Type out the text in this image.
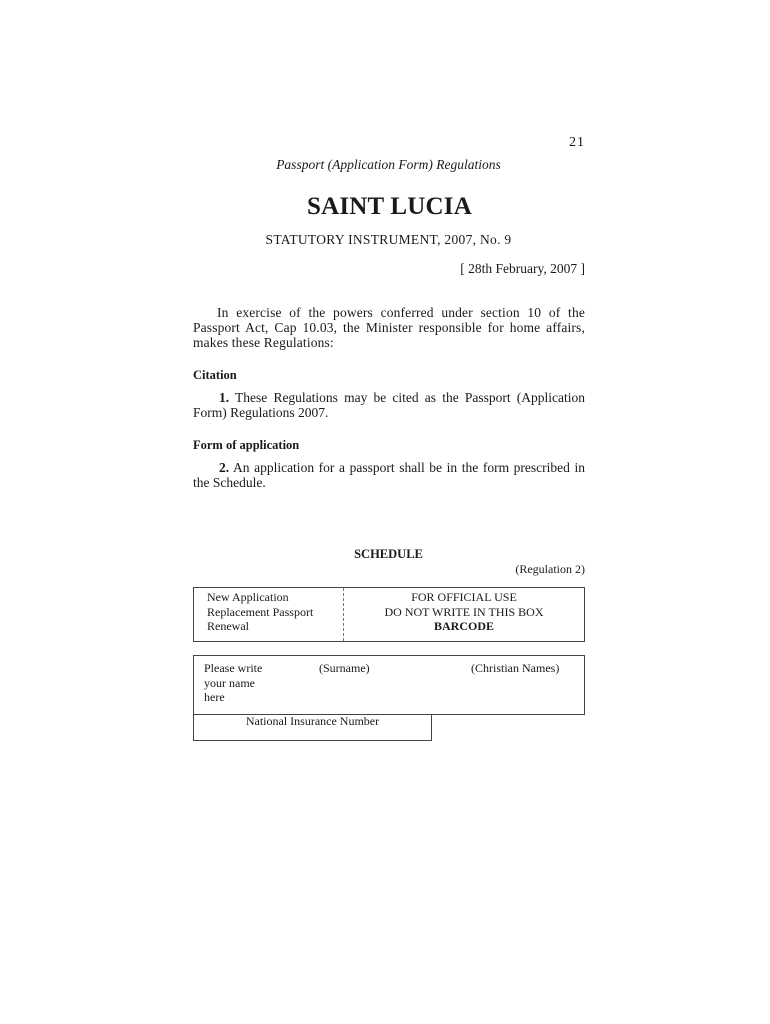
21
Passport (Application Form) Regulations
SAINT LUCIA
STATUTORY INSTRUMENT, 2007, No. 9
[ 28th February, 2007 ]
In exercise of the powers conferred under section 10 of the Passport Act, Cap 10.03, the Minister responsible for home affairs, makes these Regulations:
Citation
1. These Regulations may be cited as the Passport (Application Form) Regulations 2007.
Form of application
2. An application for a passport shall be in the form prescribed in the Schedule.
SCHEDULE
(Regulation 2)
New Application
Replacement Passport
Renewal
FOR OFFICIAL USE
DO NOT WRITE IN THIS BOX
BARCODE
Please write
your name
here
(Surname)	(Christian Names)
National Insurance Number
